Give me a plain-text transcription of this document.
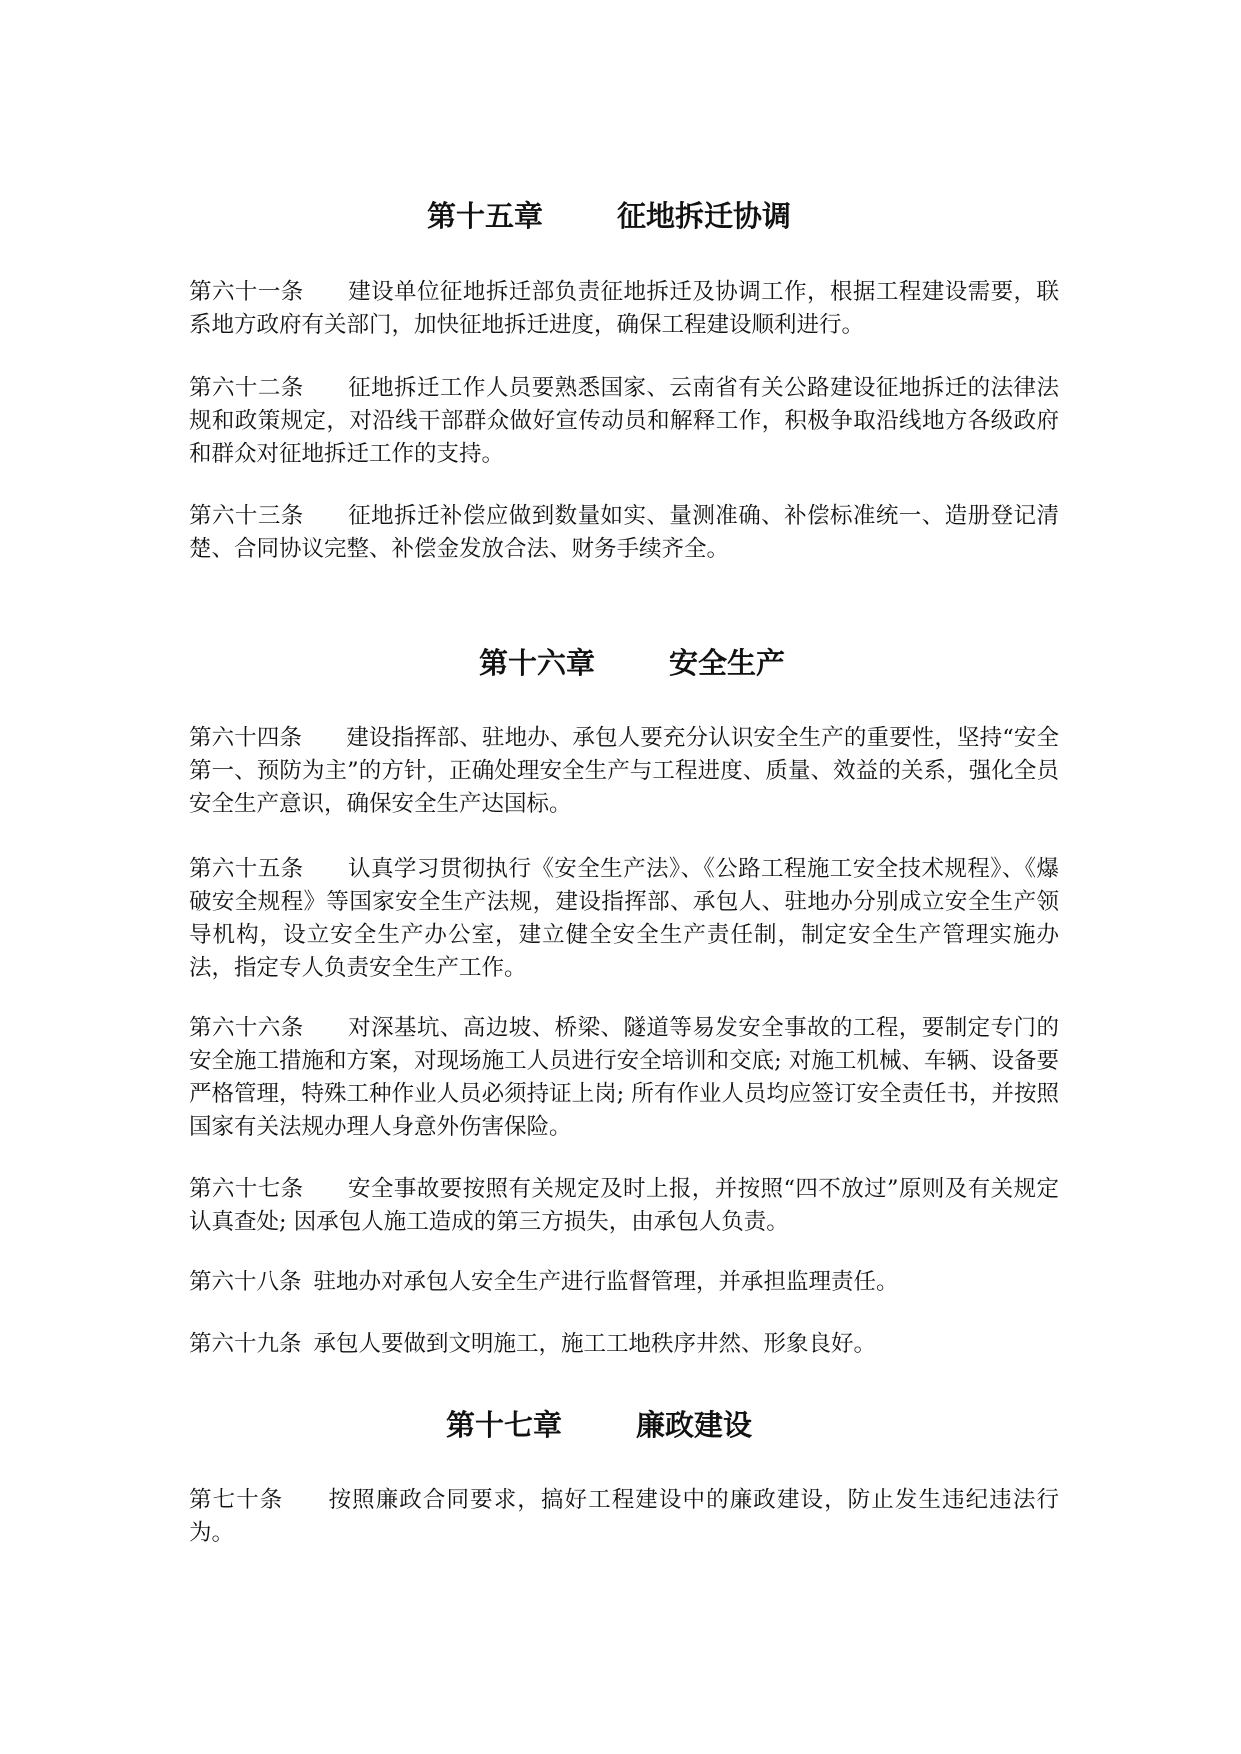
第十五章	征地拆迁协调
第六十一条 建设单位征地拆迁部负责征地拆迁及协调工作，根据工程建设需要，联系地方政府有关部门，加快征地拆迁进度，确保工程建设顺利进行。
第六十二条 征地拆迁工作人员要熟悉国家、云南省有关公路建设征地拆迁的法律法规和政策规定，对沿线干部群众做好宣传动员和解释工作，积极争取沿线地方各级政府和群众对征地拆迁工作的支持。
第六十三条 征地拆迁补偿应做到数量如实、量测准确、补偿标准统一、造册登记清楚、合同协议完整、补偿金发放合法、财务手续齐全。
第十六章	安全生产
第六十四条 建设指挥部、驻地办、承包人要充分认识安全生产的重要性，坚持“安全第一、预防为主”的方针，正确处理安全生产与工程进度、质量、效益的关系，强化全员安全生产意识，确保安全生产达国标。
第六十五条 认真学习贯彻执行《安全生产法》、《公路工程施工安全技术规程》、《爆破安全规程》等国家安全生产法规，建设指挥部、承包人、驻地办分别成立安全生产领导机构，设立安全生产办公室，建立健全安全生产责任制，制定安全生产管理实施办法，指定专人负责安全生产工作。
第六十六条 对深基坑、高边坡、桥梁、隧道等易发安全事故的工程，要制定专门的安全施工措施和方案，对现场施工人员进行安全培训和交底; 对施工机械、车辆、设备要严格管理，特殊工种作业人员必须持证上岗; 所有作业人员均应签订安全责任书，并按照国家有关法规办理人身意外伤害保险。
第六十七条 安全事故要按照有关规定及时上报，并按照“四不放过”原则及有关规定认真查处; 因承包人施工造成的第三方损失，由承包人负责。
第六十八条 驻地办对承包人安全生产进行监督管理，并承担监理责任。
第六十九条 承包人要做到文明施工，施工工地秩序井然、形象良好。
第十七章	廉政建设
第七十条 按照廉政合同要求，搞好工程建设中的廉政建设，防止发生违纪违法行为。
